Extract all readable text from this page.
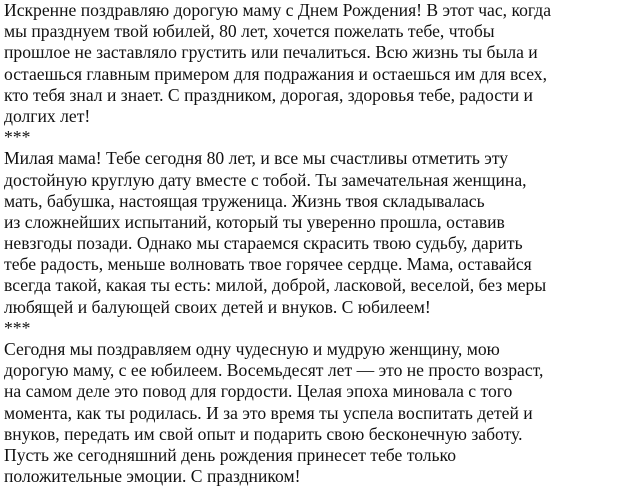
Искренне поздравляю дорогую маму с Днем Рождения! В этот час, когда
мы празднуем твой юбилей, 80 лет, хочется пожелать тебе, чтобы
прошлое не заставляло грустить или печалиться. Всю жизнь ты была и
остаешься главным примером для подражания и остаешься им для всех,
кто тебя знал и знает. С праздником, дорогая, здоровья тебе, радости и
долгих лет!
***
Милая мама! Тебе сегодня 80 лет, и все мы счастливы отметить эту
достойную круглую дату вместе с тобой. Ты замечательная женщина,
мать, бабушка, настоящая труженица. Жизнь твоя складывалась
из сложнейших испытаний, который ты уверенно прошла, оставив
невзгоды позади. Однако мы стараемся скрасить твою судьбу, дарить
тебе радость, меньше волновать твое горячее сердце. Мама, оставайся
всегда такой, какая ты есть: милой, доброй, ласковой, веселой, без меры
любящей и балующей своих детей и внуков. С юбилеем!
***
Сегодня мы поздравляем одну чудесную и мудрую женщину, мою
дорогую маму, с ее юбилеем. Восемьдесят лет — это не просто возраст,
на самом деле это повод для гордости. Целая эпоха миновала с того
момента, как ты родилась. И за это время ты успела воспитать детей и
внуков, передать им свой опыт и подарить свою бесконечную заботу.
Пусть же сегодняшний день рождения принесет тебе только
положительные эмоции. С праздником!
